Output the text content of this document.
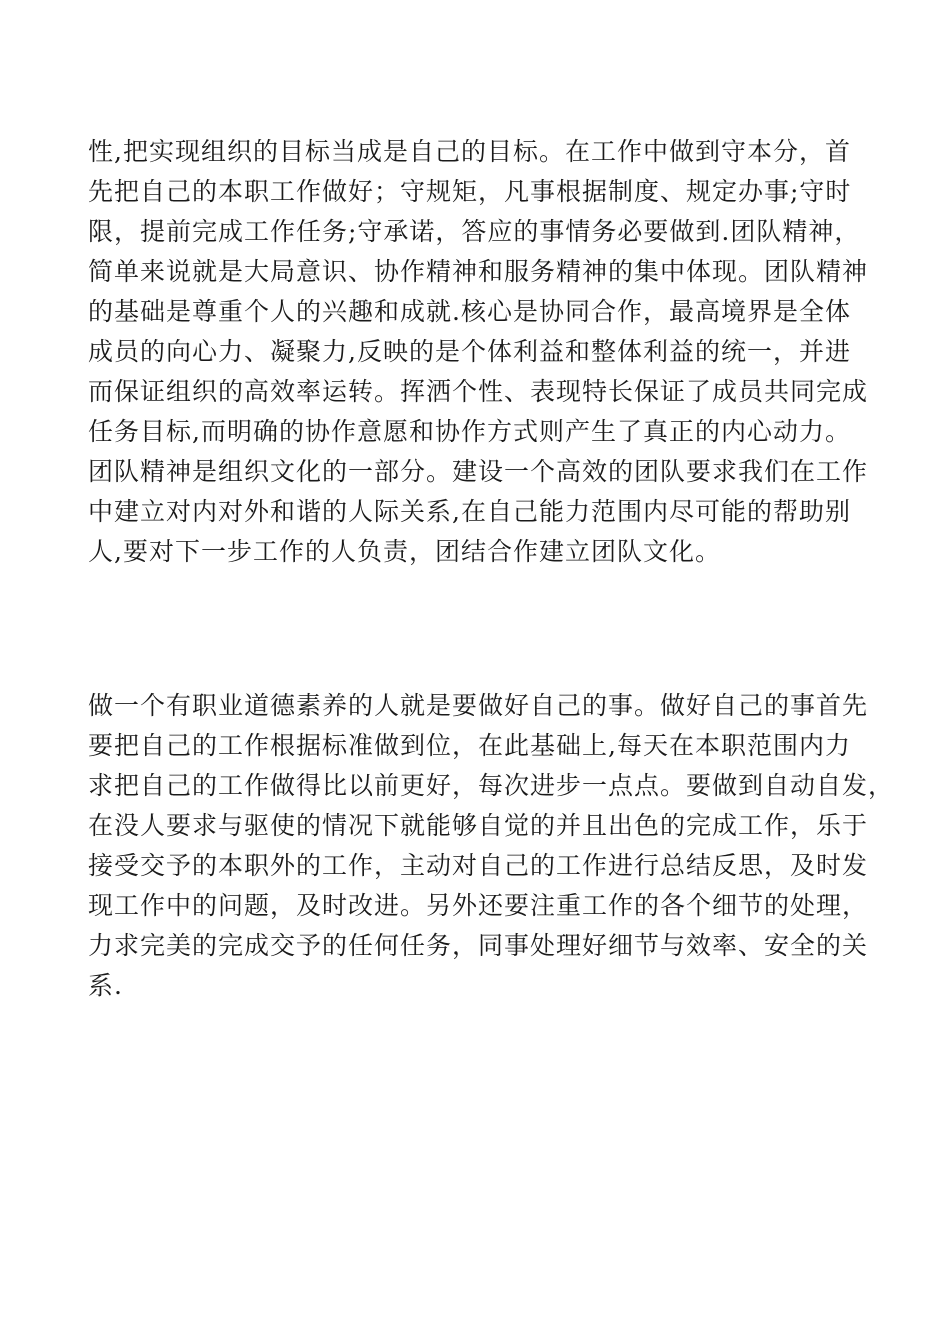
性,把实现组织的目标当成是自己的目标。在工作中做到守本分，首
先把自己的本职工作做好；守规矩，凡事根据制度、规定办事;守时
限，提前完成工作任务;守承诺，答应的事情务必要做到.团队精神，
简单来说就是大局意识、协作精神和服务精神的集中体现。团队精神
的基础是尊重个人的兴趣和成就.核心是协同合作，最高境界是全体
成员的向心力、凝聚力,反映的是个体利益和整体利益的统一，并进
而保证组织的高效率运转。挥洒个性、表现特长保证了成员共同完成
任务目标,而明确的协作意愿和协作方式则产生了真正的内心动力。
团队精神是组织文化的一部分。建设一个高效的团队要求我们在工作
中建立对内对外和谐的人际关系,在自己能力范围内尽可能的帮助别
人,要对下一步工作的人负责，团结合作建立团队文化。
做一个有职业道德素养的人就是要做好自己的事。做好自己的事首先
要把自己的工作根据标准做到位，在此基础上,每天在本职范围内力
求把自己的工作做得比以前更好，每次进步一点点。要做到自动自发，
在没人要求与驱使的情况下就能够自觉的并且出色的完成工作，乐于
接受交予的本职外的工作，主动对自己的工作进行总结反思，及时发
现工作中的问题，及时改进。另外还要注重工作的各个细节的处理，
力求完美的完成交予的任何任务，同事处理好细节与效率、安全的关
系.
